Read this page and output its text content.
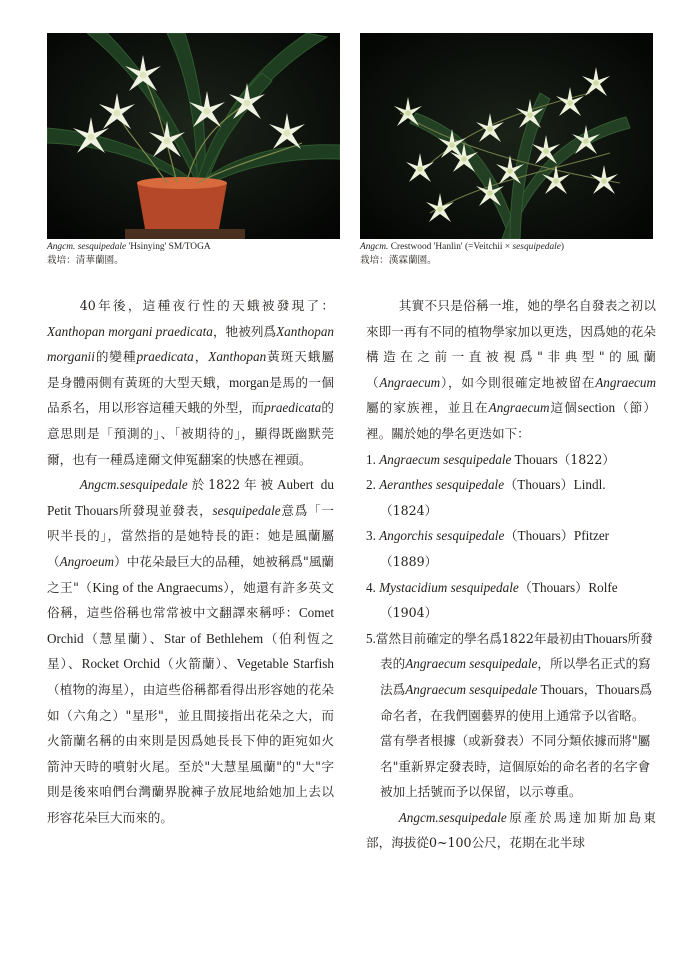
Angcm. sesquipedale 'Hsinying' SM/TOGA
栽培：清華蘭園。
Angcm. Crestwood 'Hanlin' (=Veitchii × sesquipedale)
栽培：漢霖蘭園。

40年後，這種夜行性的天蛾被發現了：Xanthopan morgani praedicata，牠被列爲Xanthopan morganii的變種praedicata，Xanthopan黃斑天蛾屬是身體兩側有黃斑的大型天蛾，morgan是馬的一個品系名，用以形容這種天蛾的外型，而praedicata的意思則是「預測的」、「被期待的」，顯得既幽默莞爾，也有一種爲達爾文伸冤翻案的快感在裡頭。

Angcm.sesquipedale於1822年被Aubert du Petit Thouars所發現並發表，sesquipedale意爲「一呎半長的」，當然指的是她特長的距：她是風蘭屬（Angroeum）中花朵最巨大的品種，她被稱爲"風蘭之王"（King of the Angraecums），她還有許多英文俗稱，這些俗稱也常常被中文翻譯來稱呼：Comet Orchid（慧星蘭）、Star of Bethlehem（伯利恆之星）、Rocket Orchid（火箭蘭）、Vegetable Starfish（植物的海星），由這些俗稱都看得出形容她的花朵如（六角之）"星形"，並且間接指出花朵之大，而火箭蘭名稱的由來則是因爲她長長下伸的距宛如火箭沖天時的噴射火尾。至於"大慧星風蘭"的"大"字則是後來咱們台灣蘭界脫褲子放屁地給她加上去以形容花朵巨大而來的。

其實不只是俗稱一堆，她的學名自發表之初以來即一再有不同的植物學家加以更迭，因爲她的花朵構造在之前一直被視爲"非典型"的風蘭（Angraecum），如今則很確定地被留在Angraecum屬的家族裡，並且在Angraecum這個section（節）裡。關於她的學名更迭如下：

1. Angraecum sesquipedale Thouars（1822）
2. Aeranthes sesquipedale（Thouars）Lindl.
（1824）
3. Angorchis sesquipedale（Thouars）Pfitzer
（1889）
4. Mystacidium sesquipedale（Thouars）Rolfe
（1904）
5.當然目前確定的學名爲1822年最初由Thouars所發表的Angraecum sesquipedale，所以學名正式的寫法爲Angraecum sesquipedale Thouars，Thouars爲命名者，在我們園藝界的使用上通常予以省略。當有學者根據（或新發表）不同分類依據而將"屬名"重新界定發表時，這個原始的命名者的名字會被加上括號而予以保留，以示尊重。

Angcm.sesquipedale原產於馬達加斯加島東部，海拔從0~100公尺，花期在北半球
